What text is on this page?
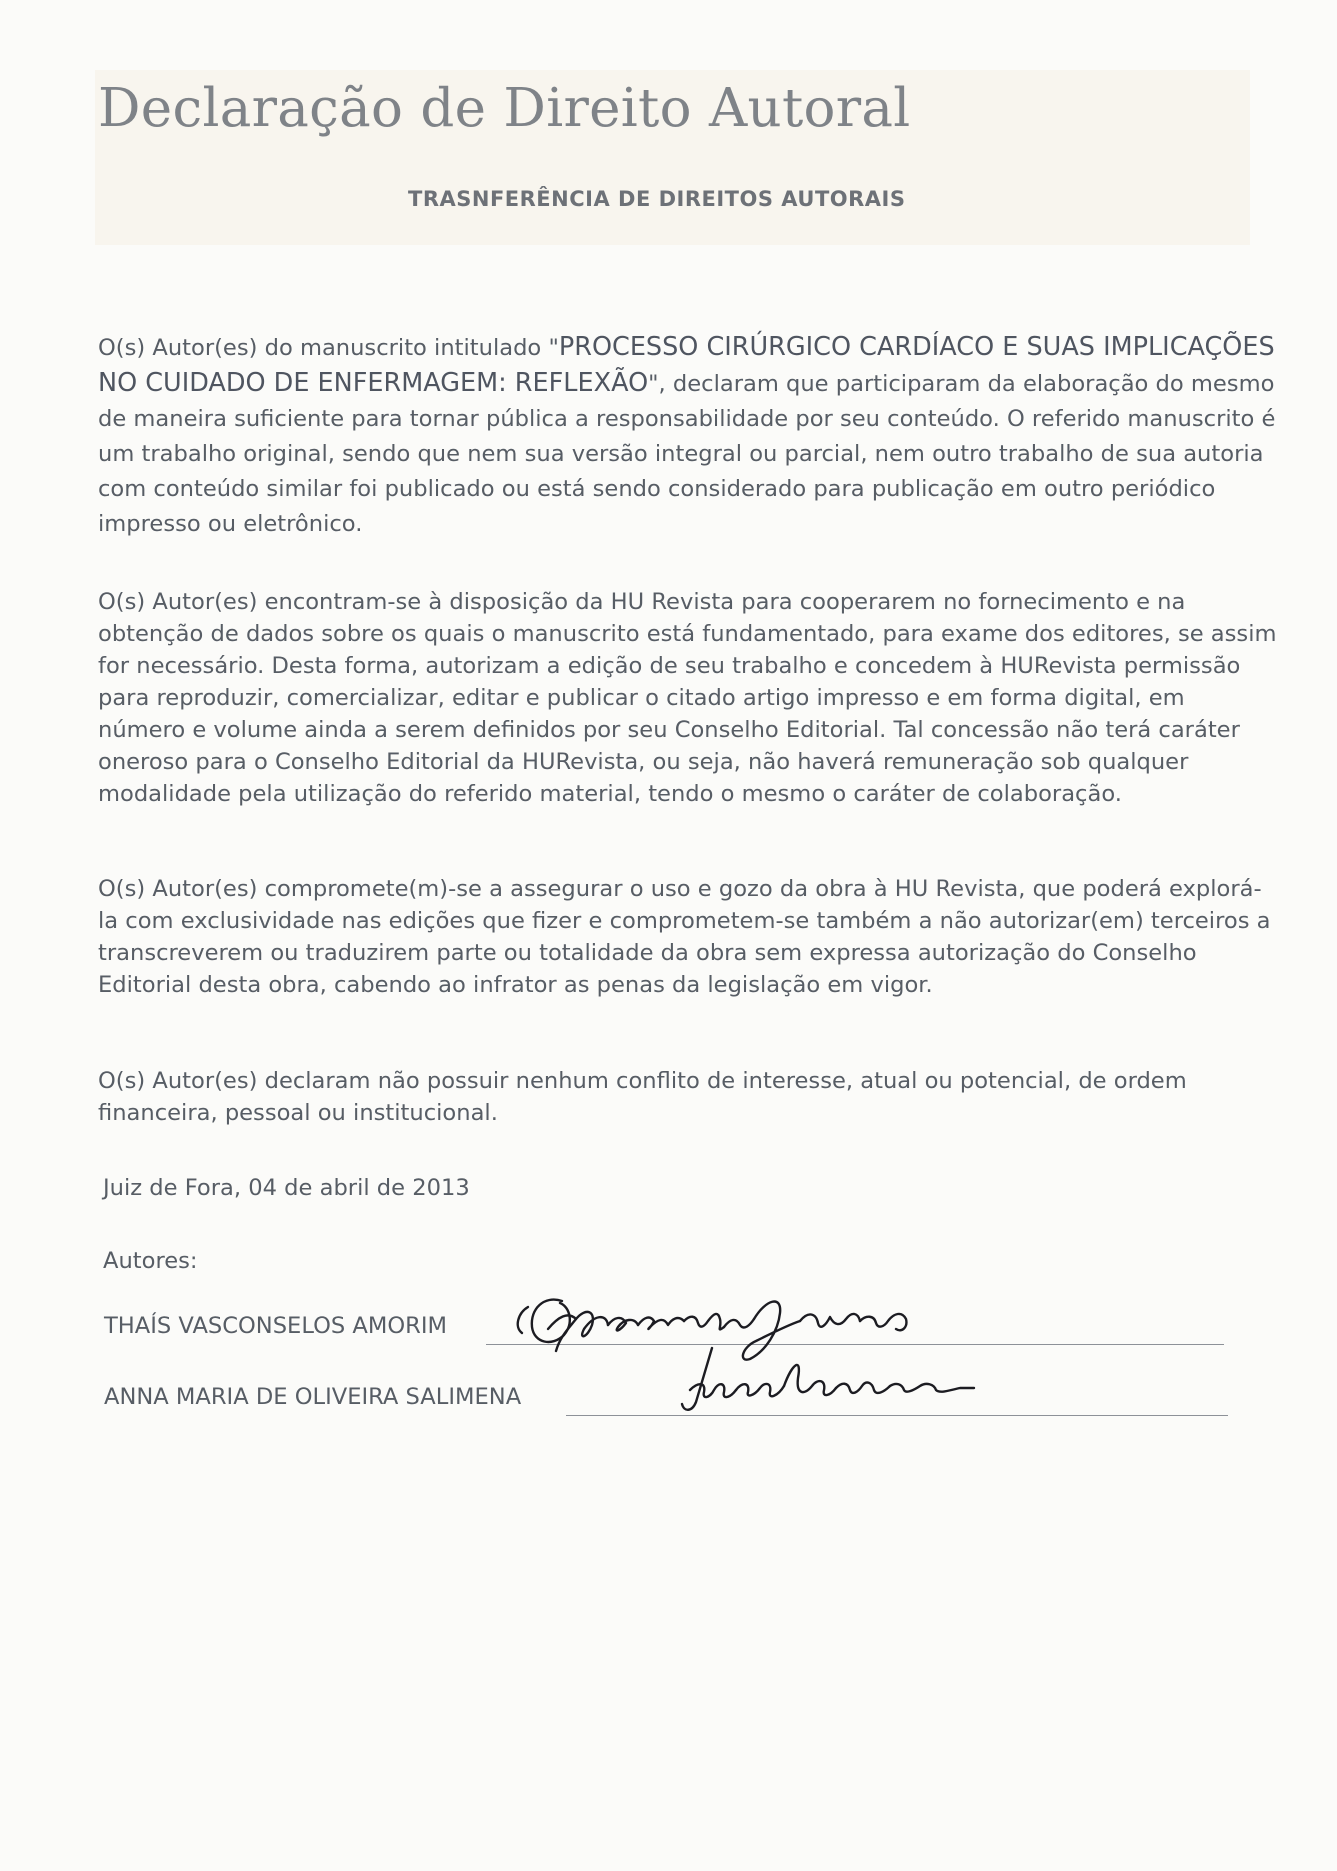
Declaração de Direito Autoral
TRASNFERÊNCIA DE DIREITOS AUTORAIS

O(s) Autor(es) do manuscrito intitulado "PROCESSO CIRÚRGICO CARDÍACO E SUAS IMPLICAÇÕES NO CUIDADO DE ENFERMAGEM: REFLEXÃO", declaram que participaram da elaboração do mesmo de maneira suficiente para tornar pública a responsabilidade por seu conteúdo. O referido manuscrito é um trabalho original, sendo que nem sua versão integral ou parcial, nem outro trabalho de sua autoria com conteúdo similar foi publicado ou está sendo considerado para publicação em outro periódico impresso ou eletrônico.

O(s) Autor(es) encontram-se à disposição da HU Revista para cooperarem no fornecimento e na obtenção de dados sobre os quais o manuscrito está fundamentado, para exame dos editores, se assim for necessário. Desta forma, autorizam a edição de seu trabalho e concedem à HURevista permissão para reproduzir, comercializar, editar e publicar o citado artigo impresso e em forma digital, em número e volume ainda a serem definidos por seu Conselho Editorial. Tal concessão não terá caráter oneroso para o Conselho Editorial da HURevista, ou seja, não haverá remuneração sob qualquer modalidade pela utilização do referido material, tendo o mesmo o caráter de colaboração.

O(s) Autor(es) compromete(m)-se a assegurar o uso e gozo da obra à HU Revista, que poderá explorá-la com exclusividade nas edições que fizer e comprometem-se também a não autorizar(em) terceiros a transcreverem ou traduzirem parte ou totalidade da obra sem expressa autorização do Conselho Editorial desta obra, cabendo ao infrator as penas da legislação em vigor.

O(s) Autor(es) declaram não possuir nenhum conflito de interesse, atual ou potencial, de ordem financeira, pessoal ou institucional.

Juiz de Fora, 04 de abril de 2013

Autores:

THAÍS VASCONSELOS AMORIM
ANNA MARIA DE OLIVEIRA SALIMENA
